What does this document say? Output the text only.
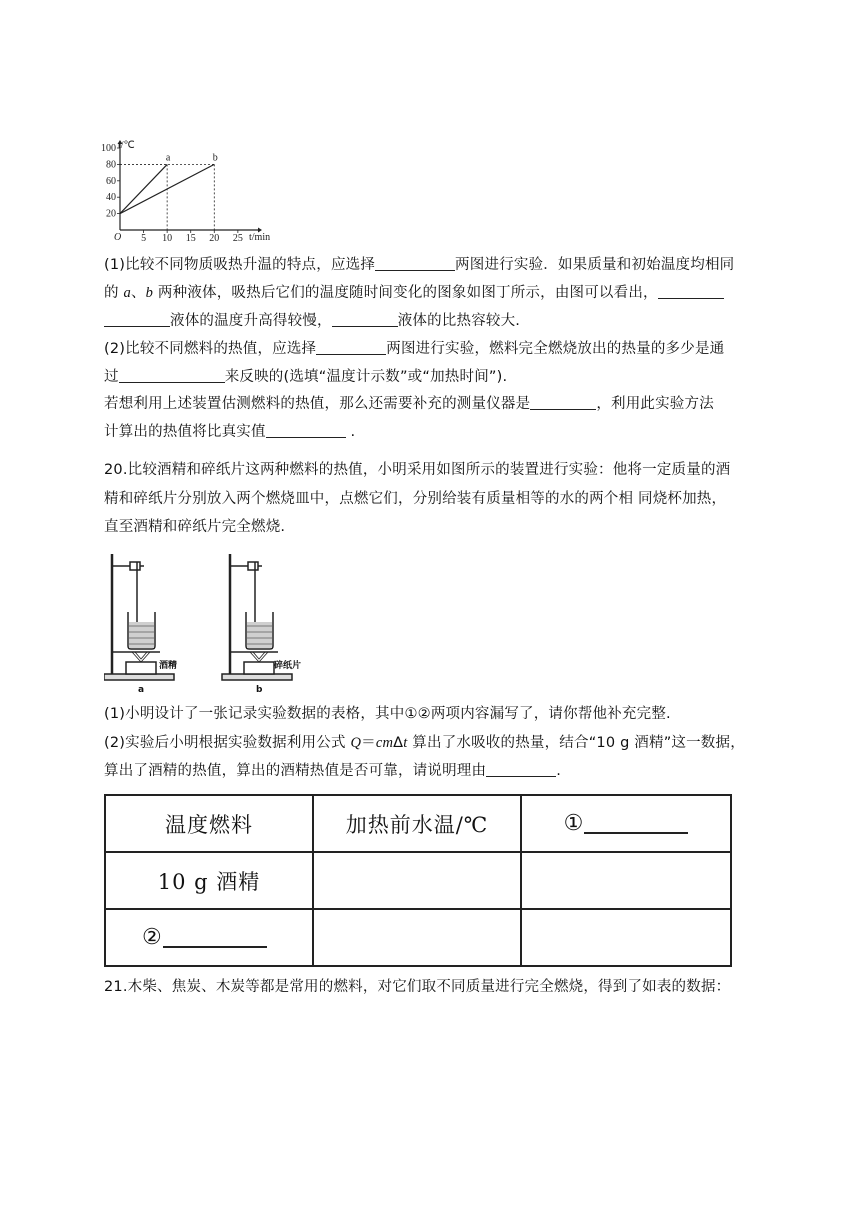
a	b
20
40
60
80
100
5 10 15 20 25
t/℃
t/min
O
(1)比较不同物质吸热升温的特点，应选择	两图进行实验．如果质量和初始温度均相同
的 a、b 两种液体，吸热后它们的温度随时间变化的图象如图丁所示，由图可以看出，
液体的温度升高得较慢，	液体的比热容较大.
(2)比较不同燃料的热值，应选择	两图进行实验，燃料完全燃烧放出的热量的多少是通
过	来反映的(选填“温度计示数”或“加热时间”).
若想利用上述装置估测燃料的热值，那么还需要补充的测量仪器是	，利用此实验方法
计算出的热值将比真实值	.
20.比较酒精和碎纸片这两种燃料的热值，小明采用如图所示的装置进行实验：他将一定质量的酒
精和碎纸片分别放入两个燃烧皿中，点燃它们，分别给装有质量相等的水的两个相 同烧杯加热，
直至酒精和碎纸片完全燃烧.
酒精
a
碎纸片
b
(1)小明设计了一张记录实验数据的表格，其中①②两项内容漏写了，请你帮他补充完整.
(2)实验后小明根据实验数据利用公式 Q＝cmΔt 算出了水吸收的热量，结合“10 g 酒精”这一数据，
算出了酒精的热值，算出的酒精热值是否可靠，请说明理由	.
温度燃料	加热前水温/℃	①
10 g 酒精		
②		
21.木柴、焦炭、木炭等都是常用的燃料，对它们取不同质量进行完全燃烧，得到了如表的数据：
